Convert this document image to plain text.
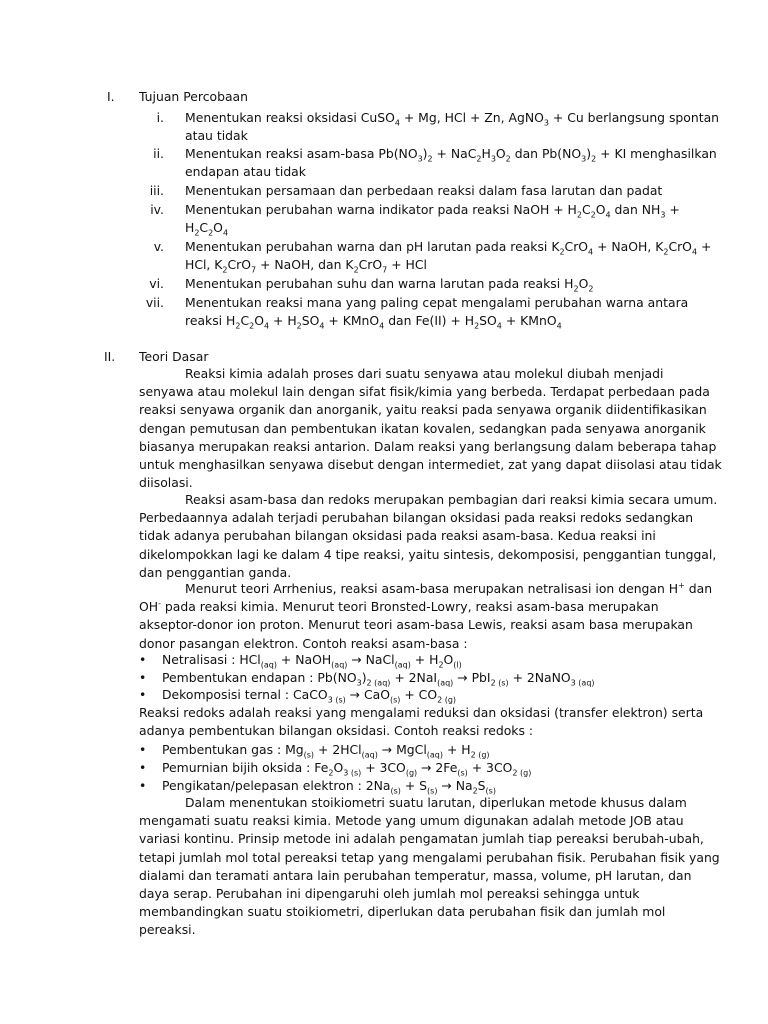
I. Tujuan Percobaan
i. Menentukan reaksi oksidasi CuSO$_4$ + Mg, HCl + Zn, AgNO$_3$ + Cu berlangsung spontan
atau tidak
ii. Menentukan reaksi asam-basa $Pb(NO_3)_2 + NaC_2H_3O_2$ dan $Pb(NO_3)_2$ + KI menghasilkan
endapan atau tidak
iii. Menentukan persamaan dan perbedaan reaksi dalam fasa larutan dan padat
iv. Menentukan perubahan warna indikator pada reaksi NaOH + $H_2C_2O_4$ dan $NH_3$ +
$H_2C_2O_4$
v. Menentukan perubahan warna dan pH larutan pada reaksi $K_2CrO_4$ + NaOH, $K_2CrO_4$ +
HCl, $K_2CrO_7$ + NaOH, dan $K_2CrO_7$ + HCl
vi. Menentukan perubahan suhu dan warna larutan pada reaksi $H_2O_2$
vii. Menentukan reaksi mana yang paling cepat mengalami perubahan warna antara
reaksi $H_2C_2O_4 + H_2SO_4$ + KMnO$_4$ dan $Fe(II) + H_2SO_4$ + KMnO$_4$
II. Teori Dasar
Reaksi kimia adalah proses dari suatu senyawa atau molekul diubah menjadi
senyawa atau molekul lain dengan sifat fisik/kimia yang berbeda. Terdapat perbedaan pada
reaksi senyawa organik dan anorganik, yaitu reaksi pada senyawa organik diidentifikasikan
dengan pemutusan dan pembentukan ikatan kovalen, sedangkan pada senyawa anorganik
biasanya merupakan reaksi antarion. Dalam reaksi yang berlangsung dalam beberapa tahap
untuk menghasilkan senyawa disebut dengan intermediet, zat yang dapat diisolasi atau tidak
diisolasi.
Reaksi asam-basa dan redoks merupakan pembagian dari reaksi kimia secara umum.
Perbedaannya adalah terjadi perubahan bilangan oksidasi pada reaksi redoks sedangkan
tidak adanya perubahan bilangan oksidasi pada reaksi asam-basa. Kedua reaksi ini
dikelompokkan lagi ke dalam 4 tipe reaksi, yaitu sintesis, dekomposisi, penggantian tunggal,
dan penggantian ganda.
Menurut teori Arrhenius, reaksi asam-basa merupakan netralisasi ion dengan H+ dan
OH- pada reaksi kimia. Menurut teori Bronsted-Lowry, reaksi asam-basa merupakan
akseptor-donor ion proton. Menurut teori asam-basa Lewis, reaksi asam basa merupakan
donor pasangan elektron. Contoh reaksi asam-basa :
• Netralisasi : HCl$_{(aq)}$ + NaOH$_{(aq)}$ → NaCl$_{(aq)}$ + $H_2O_{(l)}$
• Pembentukan endapan : $Pb(NO_3)_{2 (aq)} + 2NaI_{(aq)} \to PbI_{2 (s)}$ + 2NaNO$_{3 (aq)}$
• Dekomposisi ternal : CaCO$_{3 (s)}$ → $CaO_{(s)} + CO_{2 (g)}$
Reaksi redoks adalah reaksi yang mengalami reduksi dan oksidasi (transfer elektron) serta
adanya pembentukan bilangan oksidasi. Contoh reaksi redoks :
• Pembentukan gas : $Mg_{(s)} + 2HCl_{(aq)}$ → MgCl$_{(aq)}$ + $H_{2 (g)}$
• Pemurnian bijih oksida : $Fe_2O_{3 (s)} + 3CO_{(g)} \to 2Fe_{(s)} + 3CO_{2 (g)}$
• Pengikatan/pelepasan elektron : $2Na_{(s)} + S_{(s)} \to Na_2S_{(s)}$
Dalam menentukan stoikiometri suatu larutan, diperlukan metode khusus dalam
mengamati suatu reaksi kimia. Metode yang umum digunakan adalah metode JOB atau
variasi kontinu. Prinsip metode ini adalah pengamatan jumlah tiap pereaksi berubah-ubah,
tetapi jumlah mol total pereaksi tetap yang mengalami perubahan fisik. Perubahan fisik yang
dialami dan teramati antara lain perubahan temperatur, massa, volume, pH larutan, dan
daya serap. Perubahan ini dipengaruhi oleh jumlah mol pereaksi sehingga untuk
membandingkan suatu stoikiometri, diperlukan data perubahan fisik dan jumlah mol
pereaksi.
